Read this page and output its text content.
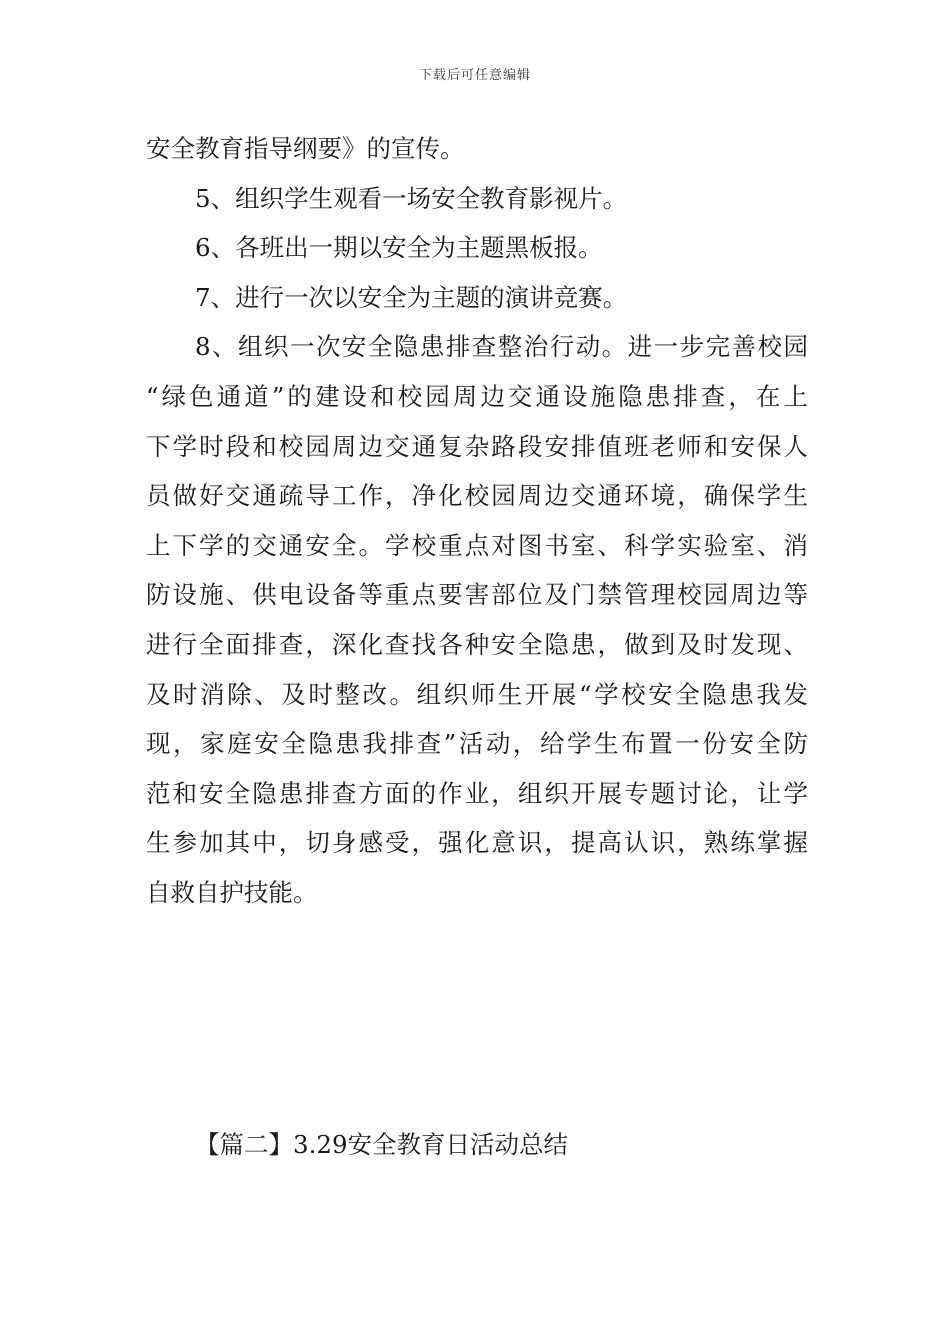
下载后可任意编辑
安全教育指导纲要》的宣传。
5、组织学生观看一场安全教育影视片。
6、各班出一期以安全为主题黑板报。
7、进行一次以安全为主题的演讲竞赛。
8、组织一次安全隐患排查整治行动。进一步完善校园
“绿色通道”的建设和校园周边交通设施隐患排查，在上
下学时段和校园周边交通复杂路段安排值班老师和安保人
员做好交通疏导工作，净化校园周边交通环境，确保学生
上下学的交通安全。学校重点对图书室、科学实验室、消
防设施、供电设备等重点要害部位及门禁管理校园周边等
进行全面排查，深化查找各种安全隐患，做到及时发现、
及时消除、及时整改。组织师生开展“学校安全隐患我发
现，家庭安全隐患我排查”活动，给学生布置一份安全防
范和安全隐患排查方面的作业，组织开展专题讨论，让学
生参加其中，切身感受，强化意识，提高认识，熟练掌握
自救自护技能。
【篇二】3.29安全教育日活动总结
